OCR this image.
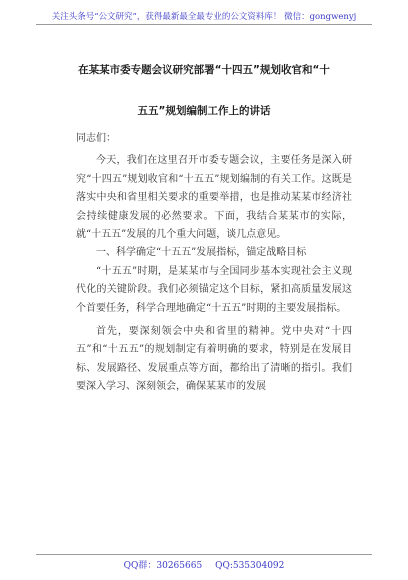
关注头条号“公文研究”，获得最新最全最专业的公文资料库！ 微信：gongwenyj
在某某市委专题会议研究部署“十四五”规划收官和“十
五五”规划编制工作上的讲话

同志们：

今天，我们在这里召开市委专题会议，主要任务是深入研究“十四五”规划收官和“十五五”规划编制的有关工作。这既是落实中央和省里相关要求的重要举措，也是推动某某市经济社会持续健康发展的必然要求。下面，我结合某某市的实际，就“十五五”发展的几个重大问题，谈几点意见。

一、科学确定“十五五”发展指标，锚定战略目标

“十五五”时期，是某某市与全国同步基本实现社会主义现代化的关键阶段。我们必须锚定这个目标，紧扣高质量发展这个首要任务，科学合理地确定“十五五”时期的主要发展指标。

首先，要深刻领会中央和省里的精神。党中央对“十四五”和“十五五”的规划制定有着明确的要求，特别是在发展目标、发展路径、发展重点等方面，都给出了清晰的指引。我们要深入学习、深刻领会，确保某某市的发展

QQ群：30265665 QQ:535304092
